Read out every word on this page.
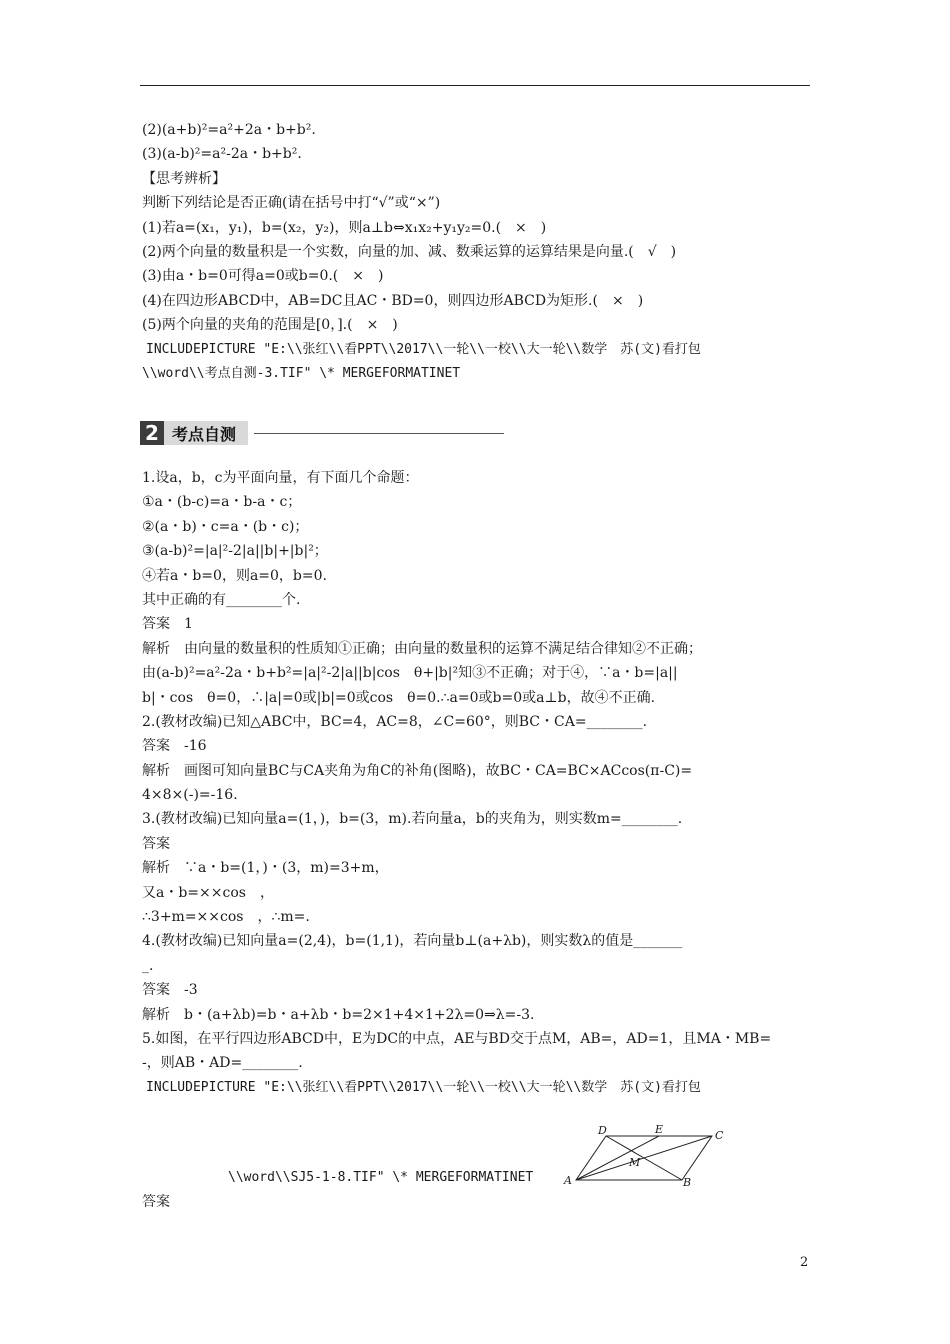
(2)(a+b)²=a²+2a・b+b².
(3)(a-b)²=a²-2a・b+b².
【思考辨析】
判断下列结论是否正确(请在括号中打“√”或“×”)
(1)若a=(x₁，y₁)，b=(x₂，y₂)，则a⊥b⇔x₁x₂+y₁y₂=0.(　×　)
(2)两个向量的数量积是一个实数，向量的加、减、数乘运算的运算结果是向量.(　√　)
(3)由a・b=0可得a=0或b=0.(　×　)
(4)在四边形ABCD中，AB=DC且AC・BD=0，则四边形ABCD为矩形.(　×　)
(5)两个向量的夹角的范围是[0，].(　×　)
INCLUDEPICTURE "E:\\张红\\看PPT\\2017\\一轮\\一校\\大一轮\\数学　苏(文)看打包
\\word\\考点自测-3.TIF" \* MERGEFORMATINET
2 考点自测
1.设a，b，c为平面向量，有下面几个命题：
①a・(b-c)=a・b-a・c；
②(a・b)・c=a・(b・c)；
③(a-b)²=|a|²-2|a||b|+|b|²；
④若a・b=0，则a=0，b=0.
其中正确的有________个.
答案　1
解析　由向量的数量积的性质知①正确；由向量的数量积的运算不满足结合律知②不正确；
由(a-b)²=a²-2a・b+b²=|a|²-2|a||b|cos　θ+|b|²知③不正确；对于④，∵a・b=|a||
b|・cos　θ=0，∴|a|=0或|b|=0或cos　θ=0.∴a=0或b=0或a⊥b，故④不正确.
2.(教材改编)已知△ABC中，BC=4，AC=8，∠C=60°，则BC・CA=________.
答案　-16
解析　画图可知向量BC与CA夹角为角C的补角(图略)，故BC・CA=BC×ACcos(π-C)=
4×8×(-)=-16.
3.(教材改编)已知向量a=(1，)，b=(3，m).若向量a，b的夹角为，则实数m=________.
答案
解析　∵a・b=(1，)・(3，m)=3+m，
又a・b=××cos　，
∴3+m=××cos　，∴m=.
4.(教材改编)已知向量a=(2,4)，b=(1,1)，若向量b⊥(a+λb)，则实数λ的值是_______
_.
答案　-3
解析　b・(a+λb)=b・a+λb・b=2×1+4×1+2λ=0⇒λ=-3.
5.如图，在平行四边形ABCD中，E为DC的中点，AE与BD交于点M，AB=，AD=1，且MA・MB=
-，则AB・AD=________.
INCLUDEPICTURE "E:\\张红\\看PPT\\2017\\一轮\\一校\\大一轮\\数学　苏(文)看打包
\\word\\SJ5-1-8.TIF" \* MERGEFORMATINET	A	B
C
D	E
M
答案
2
